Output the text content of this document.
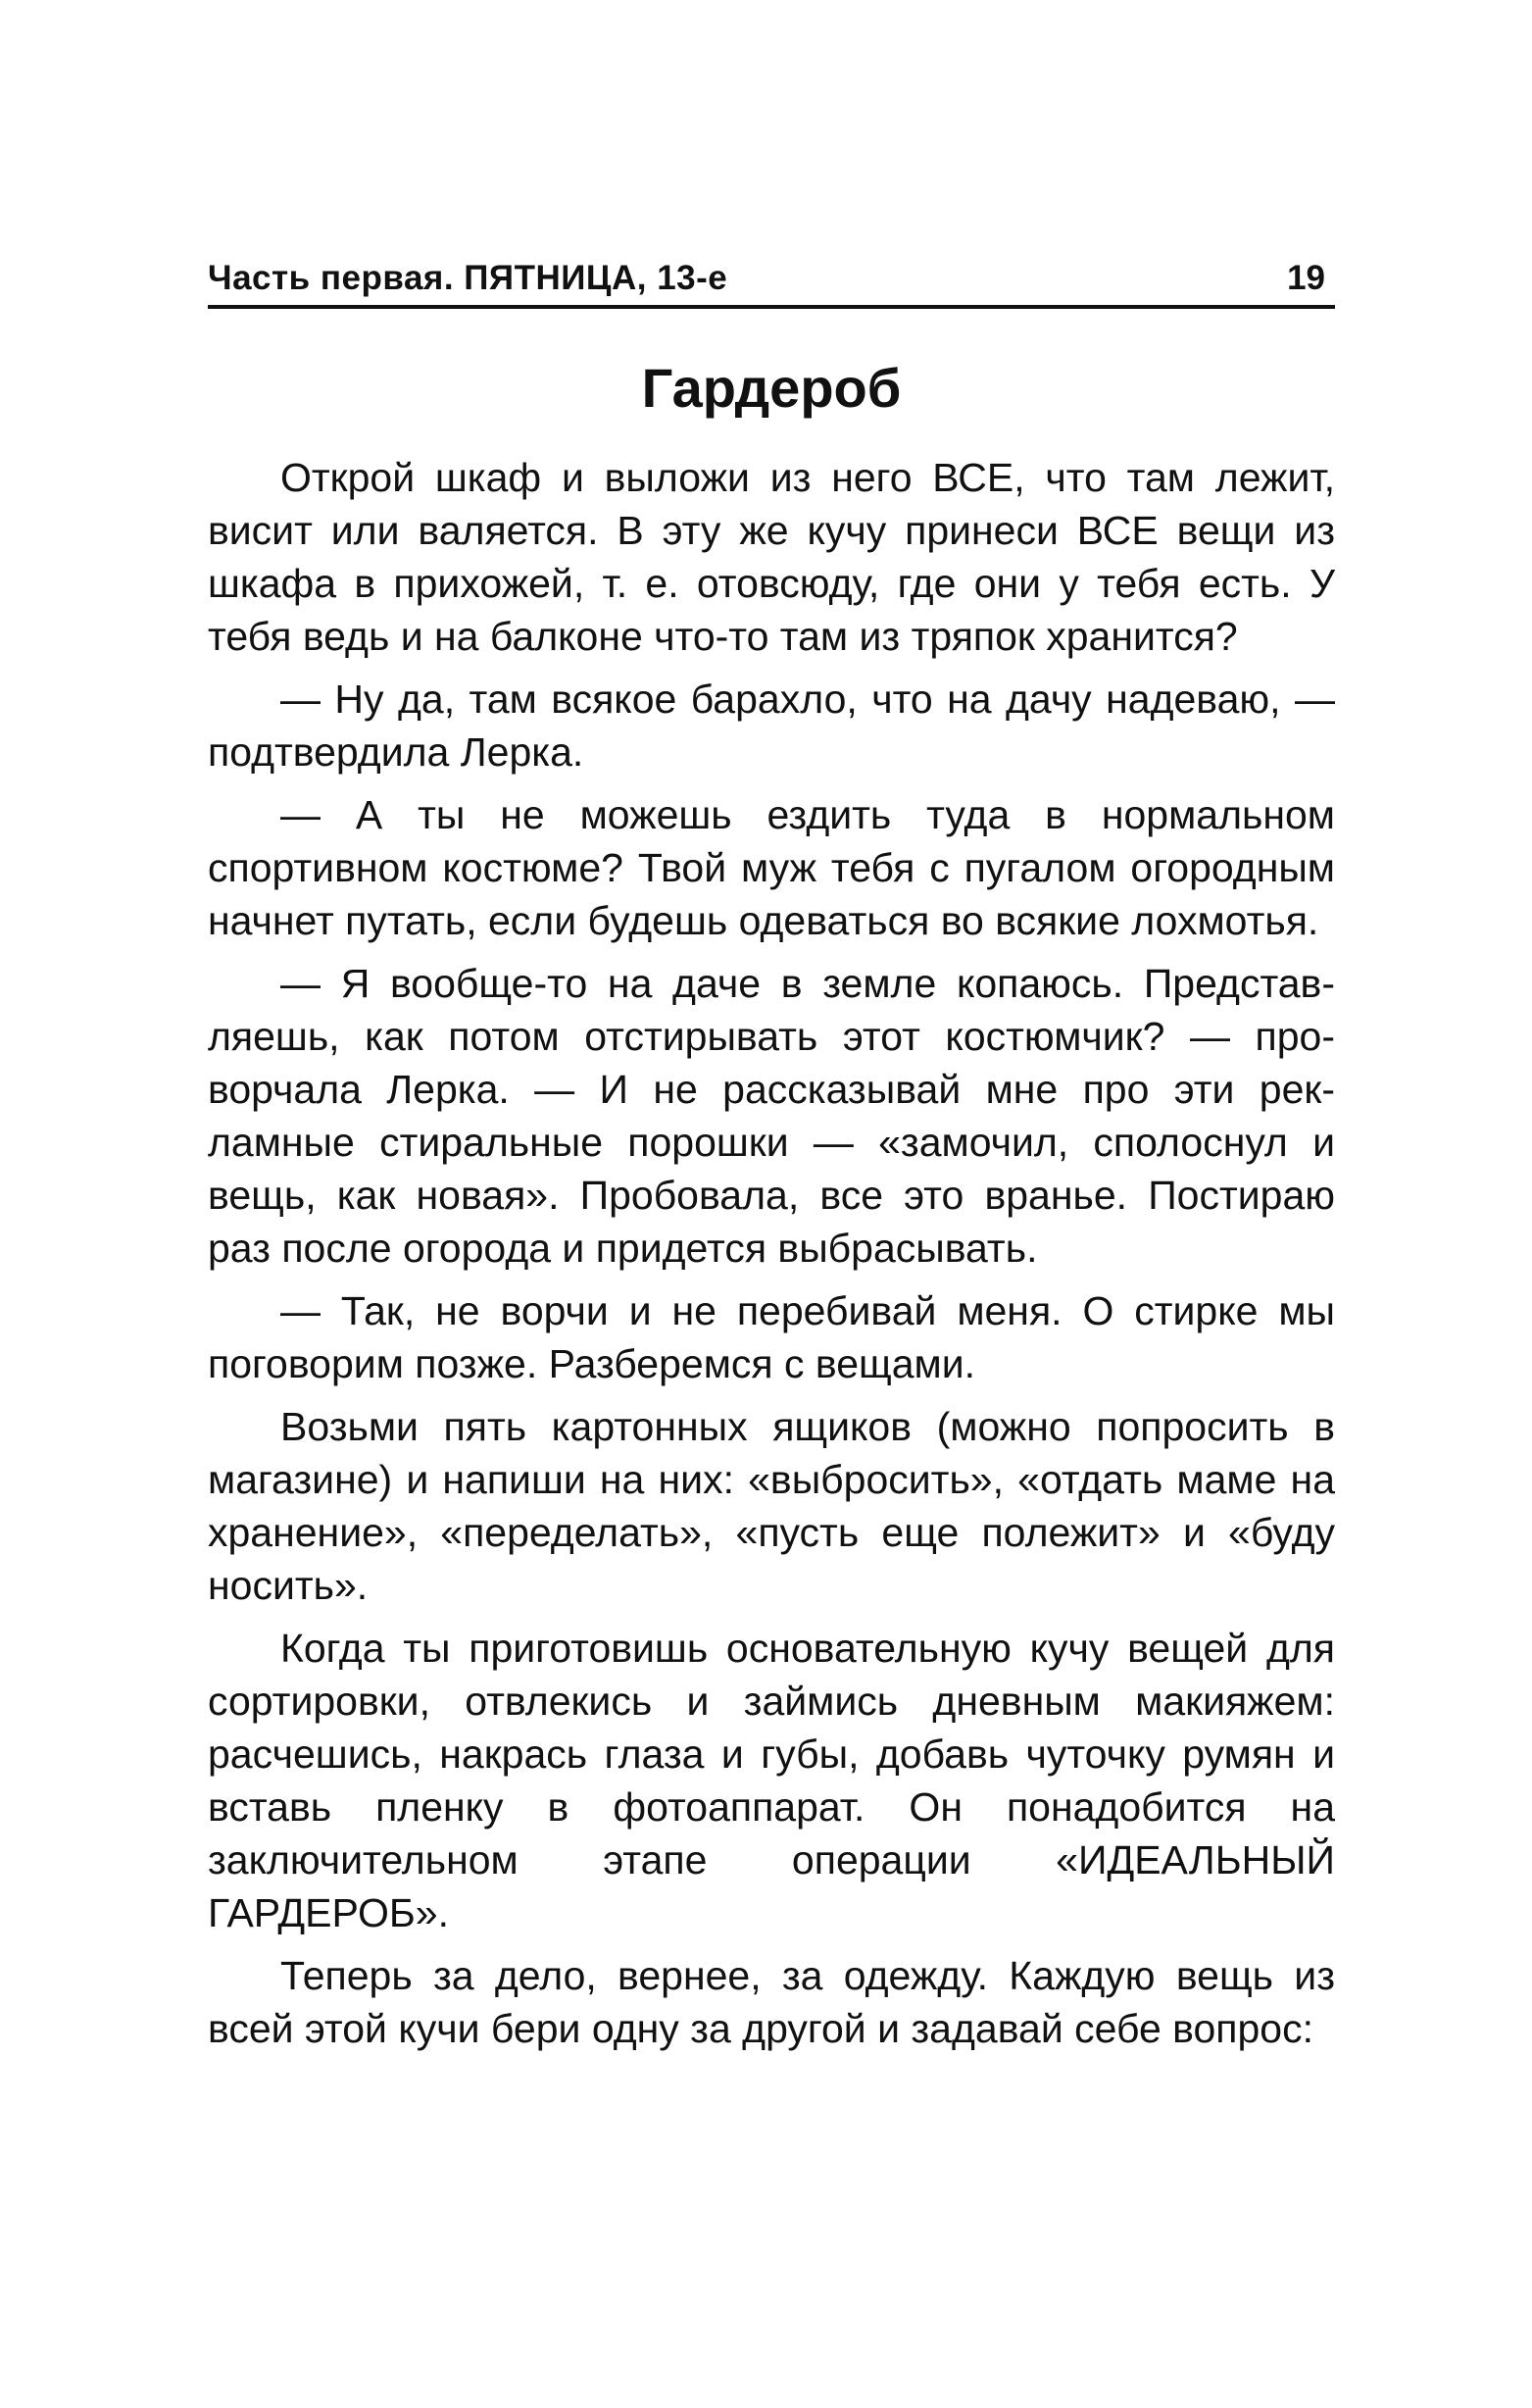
Часть первая. ПЯТНИЦА, 13-е	19
Гардероб

Открой шкаф и выложи из него ВСЕ, что там лежит, висит или валяется. В эту же кучу принеси ВСЕ вещи из шкафа в прихожей, т. е. отовсюду, где они у тебя есть. У тебя ведь и на балконе что-то там из тряпок хранится?

— Ну да, там всякое барахло, что на дачу надеваю, — подтвердила Лерка.

— А ты не можешь ездить туда в нормальном спортивном костюме? Твой муж тебя с пугалом огородным начнет путать, если будешь одеваться во всякие лохмотья.

— Я вообще-то на даче в земле копаюсь. Представляешь, как потом отстирывать этот костюмчик? — проворчала Лерка. — И не рассказывай мне про эти рекламные стиральные порошки — «замочил, сполоснул и вещь, как новая». Пробовала, все это вранье. Постираю раз после огорода и придется выбрасывать.

— Так, не ворчи и не перебивай меня. О стирке мы поговорим позже. Разберемся с вещами.

Возьми пять картонных ящиков (можно попросить в магазине) и напиши на них: «выбросить», «отдать маме на хранение», «переделать», «пусть еще полежит» и «буду носить».

Когда ты приготовишь основательную кучу вещей для сортировки, отвлекись и займись дневным макияжем: расчешись, накрась глаза и губы, добавь чуточку румян и вставь пленку в фотоаппарат. Он понадобится на заключительном этапе операции «ИДЕАЛЬНЫЙ ГАРДЕРОБ».

Теперь за дело, вернее, за одежду. Каждую вещь из всей этой кучи бери одну за другой и задавай себе вопрос:
